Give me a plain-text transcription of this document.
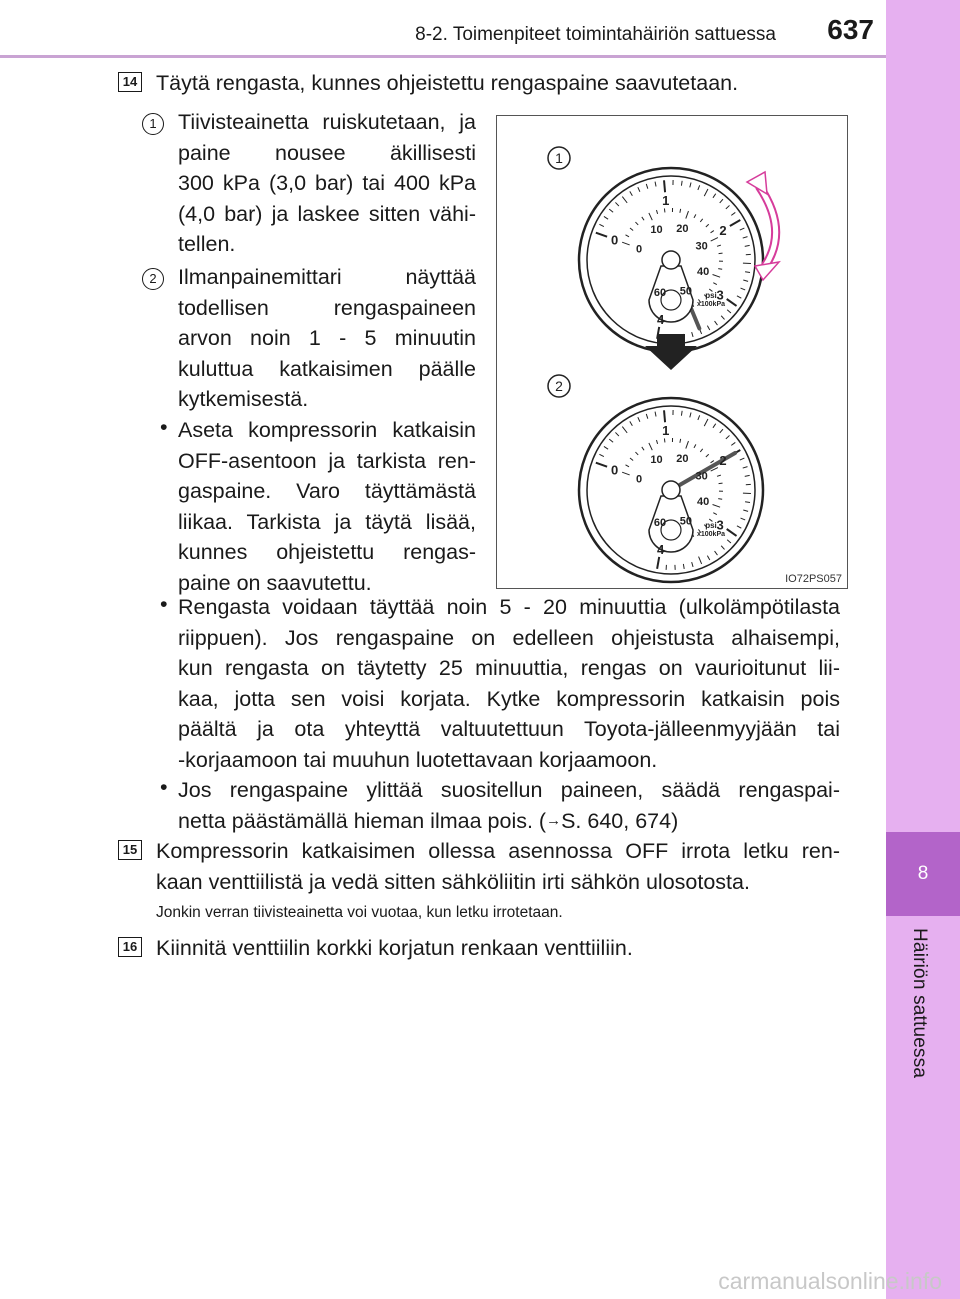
8-2. Toimenpiteet toimintahäiriön sattuessa 637
8
Häiriön sattuessa
14 Täytä rengasta, kunnes ohjeistettu rengaspaine saavutetaan.
1 Tiivisteainetta ruiskutetaan, ja
paine nousee äkillisesti
300 kPa (3,0 bar) tai 400 kPa
(4,0 bar) ja laskee sitten vähi-
tellen.
2 Ilmanpainemittari näyttää
todellisen rengaspaineen
arvon noin 1 - 5 minuutin
kuluttua katkaisimen päälle
kytkemisestä.
• Aseta kompressorin katkaisin
OFF-asentoon ja tarkista ren-
gaspaine. Varo täyttämästä
liikaa. Tarkista ja täytä lisää,
kunnes ohjeistettu rengas-
paine on saavutettu.
0
1
2
3
4
0
10 20
30
40
50
60	psi
x100kPa
0
1
2
3
4
0
10 20
30
40
50
60	psi
x100kPa
1
2
IO72PS057
• Rengasta voidaan täyttää noin 5 - 20 minuuttia (ulkolämpötilasta
riippuen). Jos rengaspaine on edelleen ohjeistusta alhaisempi,
kun rengasta on täytetty 25 minuuttia, rengas on vaurioitunut lii-
kaa, jotta sen voisi korjata. Kytke kompressorin katkaisin pois
päältä ja ota yhteyttä valtuutettuun Toyota-jälleenmyyjään tai
-korjaamoon tai muuhun luotettavaan korjaamoon.
• Jos rengaspaine ylittää suositellun paineen, säädä rengaspai-
netta päästämällä hieman ilmaa pois. (→S. 640, 674)
15 Kompressorin katkaisimen ollessa asennossa OFF irrota letku ren-
kaan venttiilistä ja vedä sitten sähköliitin irti sähkön ulosotosta.
Jonkin verran tiivisteainetta voi vuotaa, kun letku irrotetaan.
16 Kiinnitä venttiilin korkki korjatun renkaan venttiiliin.
carmanualsonline.info
